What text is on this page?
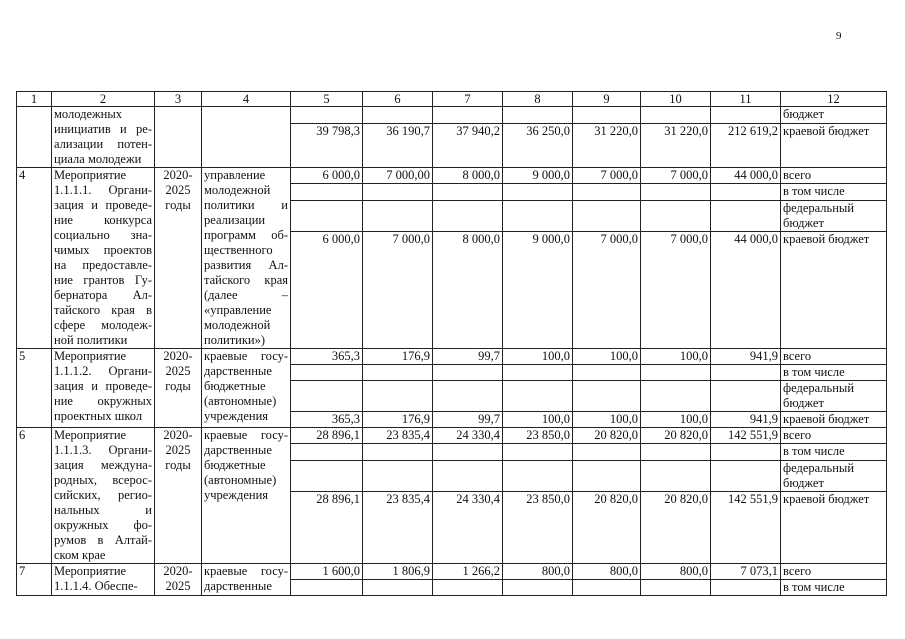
9
1	2	3	4	5	6	7	8	9	10	11	12
	молодежных инициатив и ре-ализации потен-циала молодежи										бюджет
				39 798,3	36 190,7	37 940,2	36 250,0	31 220,0	31 220,0	212 619,2	краевой бюджет
4	Мероприятие 1.1.1.1. Органи-зация и проведе-ние конкурса социально зна-чимых проектов на предоставле-ние грантов Гу-бернатора Ал-тайского края в сфере молодеж-ной политики	2020-2025 годы	управление молодежной политики и реализации программ об-щественного развития Ал-тайского края (далее – «управление молодежной политики»)	6 000,0	7 000,00	8 000,0	9 000,0	7 000,0	7 000,0	44 000,0	всего
											в том числе
											федеральный бюджет
				6 000,0	7 000,0	8 000,0	9 000,0	7 000,0	7 000,0	44 000,0	краевой бюджет
5	Мероприятие 1.1.1.2. Органи-зация и проведе-ние окружных проектных школ	2020-2025 годы	краевые госу-дарственные бюджетные (автономные) учреждения	365,3	176,9	99,7	100,0	100,0	100,0	941,9	всего
											в том числе
											федеральный бюджет
				365,3	176,9	99,7	100,0	100,0	100,0	941,9	краевой бюджет
6	Мероприятие 1.1.1.3. Органи-зация междуна-родных, всерос-сийских, регио-нальных и окружных фо-румов в Алтай-ском крае	2020-2025 годы	краевые госу-дарственные бюджетные (автономные) учреждения	28 896,1	23 835,4	24 330,4	23 850,0	20 820,0	20 820,0	142 551,9	всего
											в том числе
											федеральный бюджет
				28 896,1	23 835,4	24 330,4	23 850,0	20 820,0	20 820,0	142 551,9	краевой бюджет
7	Мероприятие 1.1.1.4. Обеспе-	2020-2025	краевые госу-дарственные	1 600,0	1 806,9	1 266,2	800,0	800,0	800,0	7 073,1	всего
											в том числе
